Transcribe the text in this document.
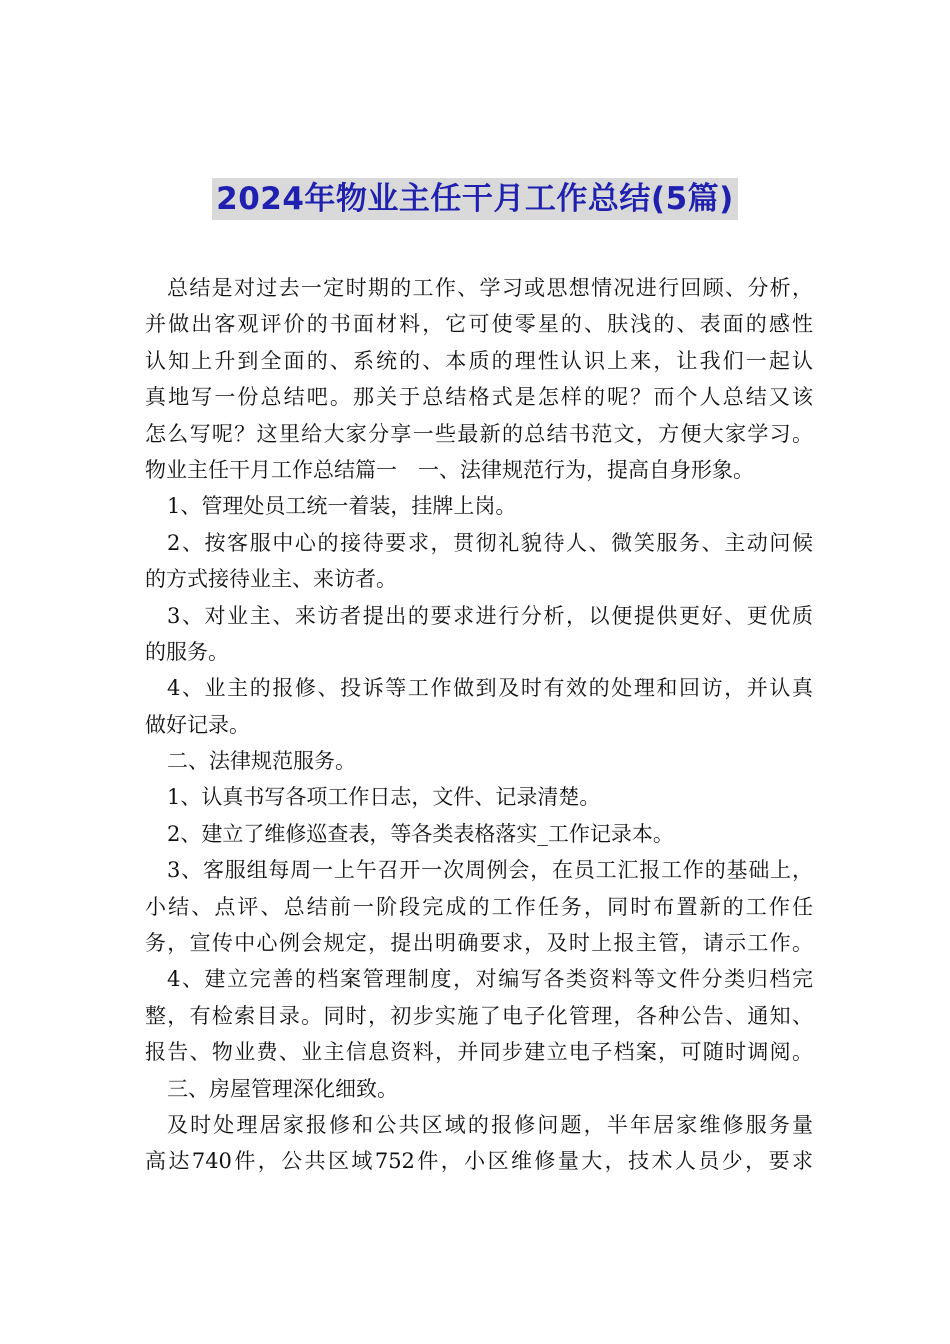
2024年物业主任干月工作总结(5篇)
总结是对过去一定时期的工作、学习或思想情况进行回顾、分析，
并做出客观评价的书面材料，它可使零星的、肤浅的、表面的感性
认知上升到全面的、系统的、本质的理性认识上来，让我们一起认
真地写一份总结吧。那关于总结格式是怎样的呢？而个人总结又该
怎么写呢？这里给大家分享一些最新的总结书范文，方便大家学习。
物业主任干月工作总结篇一　一、法律规范行为，提高自身形象。
1、管理处员工统一着装，挂牌上岗。
2、按客服中心的接待要求，贯彻礼貌待人、微笑服务、主动问候
的方式接待业主、来访者。
3、对业主、来访者提出的要求进行分析，以便提供更好、更优质
的服务。
4、业主的报修、投诉等工作做到及时有效的处理和回访，并认真
做好记录。
二、法律规范服务。
1、认真书写各项工作日志，文件、记录清楚。
2、建立了维修巡查表，等各类表格落实_工作记录本。
3、客服组每周一上午召开一次周例会，在员工汇报工作的基础上，
小结、点评、总结前一阶段完成的工作任务，同时布置新的工作任
务，宣传中心例会规定，提出明确要求，及时上报主管，请示工作。
4、建立完善的档案管理制度，对编写各类资料等文件分类归档完
整，有检索目录。同时，初步实施了电子化管理，各种公告、通知、
报告、物业费、业主信息资料，并同步建立电子档案，可随时调阅。
三、房屋管理深化细致。
及时处理居家报修和公共区域的报修问题，半年居家维修服务量
高达740件，公共区域752件，小区维修量大，技术人员少，要求
